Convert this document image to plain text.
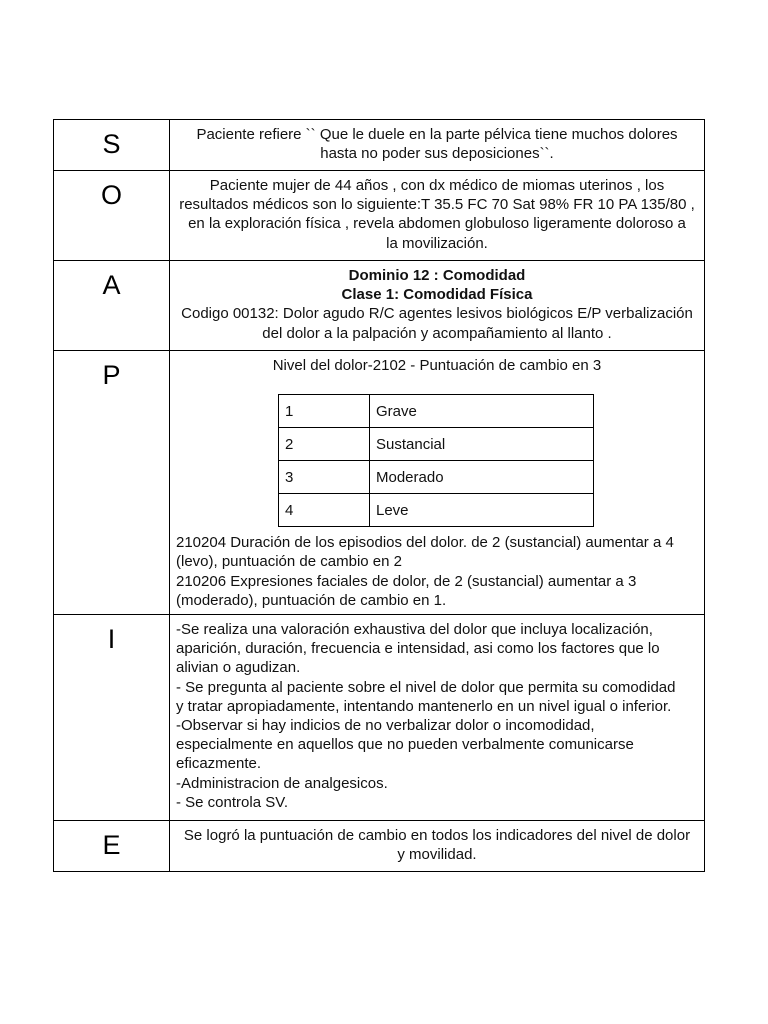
S	Paciente refiere `` Que le duele en la parte pélvica tiene muchos dolores
hasta no poder sus deposiciones``.

O	Paciente mujer de 44 años , con dx médico de miomas uterinos , los
resultados médicos son lo siguiente:T 35.5 FC 70 Sat 98% FR 10 PA 135/80 ,
en la exploración física , revela abdomen globuloso ligeramente doloroso a
la movilización.

A	Dominio 12 : Comodidad
Clase 1: Comodidad Física
Codigo 00132: Dolor agudo R/C agentes lesivos biológicos E/P verbalización
del dolor a la palpación y acompañamiento al llanto .

P	Nivel del dolor-2102 - Puntuación de cambio en 3
1	Grave
2	Sustancial
3	Moderado
4	Leve
210204 Duración de los episodios del dolor. de 2 (sustancial) aumentar a 4
(levo), puntuación de cambio en 2
210206 Expresiones faciales de dolor, de 2 (sustancial) aumentar a 3
(moderado), puntuación de cambio en 1.

I	-Se realiza una valoración exhaustiva del dolor que incluya localización,
aparición, duración, frecuencia e intensidad, asi como los factores que lo
alivian o agudizan.
- Se pregunta al paciente sobre el nivel de dolor que permita su comodidad
y tratar apropiadamente, intentando mantenerlo en un nivel igual o inferior.
-Observar si hay indicios de no verbalizar dolor o incomodidad,
especialmente en aquellos que no pueden verbalmente comunicarse
eficazmente.
-Administracion de analgesicos.
- Se controla SV.

E	Se logró la puntuación de cambio en todos los indicadores del nivel de dolor
y movilidad.
